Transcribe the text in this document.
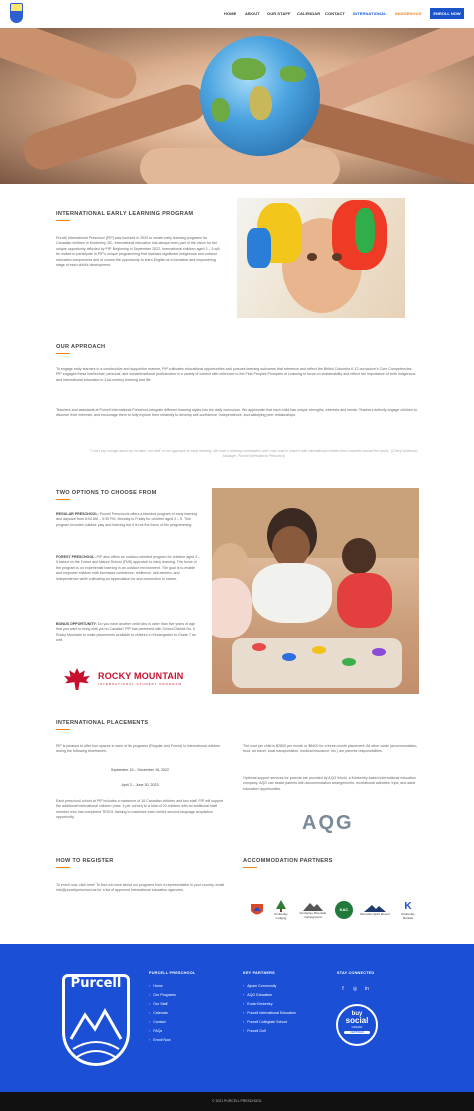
HOME ABOUT OUR STAFF CALENDAR CONTACT INTERNATIONAL INDIGENOUS	ENROLL NOW
INTERNATIONAL EARLY LEARNING PROGRAM
Purcell International Preschool (PIP) was founded in 2020 to create early learning programs for Canadian children in Kimberley, BC. International education has always been part of the vision for the unique opportunity afforded by PIP. Beginning in September 2022, International children aged 3 – 5 will be invited to participate in PIP's unique programming that includes significant Indigenous and outdoor education components and of course the opportunity to learn English at a formative and empowering stage of each child's development.
OUR APPROACH
To engage early learners in a constructive and supportive manner, PIP cultivates educational opportunities and pursues learning outcomes that reference and reflect the British Columbia K-12 curriculum's Core Competencies. PIP engages these Intellectual, personal, and social/emotional proficiencies in a variety of context with reference to the First Peoples Principles of Learning to focus on sustainability and reflect the importance of both Indigenous and International education to 21st-century learning and life.
Teachers and assistants at Purcell International Preschool integrate different learning styles into the daily curriculum. We appreciate that each child has unique strengths, interests and needs. Teachers actively engage children to discover their interests, and encourage them to fully explore their creativity to develop self-confidence, independence, and satisfying peer relationships.
"I can't say enough about our location, our staff, or our approach to early learning. We have a winning combination and I can't wait to share it with international children from countries around the world." (Cheryl Anderson, Manager, Purcell International Preschool)
TWO OPTIONS TO CHOOSE FROM
REGULAR PRESCHOOL: Purcell Preschools offers a blended program of early learning and daycare from 8:00 AM – 5:30 PM, Monday to Friday for children aged 3 – 5. This program includes outdoor play and learning but it is not the focus of the programming.
FOREST PRESCHOOL: PIP also offers an outdoor-oriented program for children aged 3 – 5 based on the Forest and Nature School (FNS) approach to early learning. The focus of the program is on experiential learning in an outdoor environment. The goal is to enable and empower children with increased confidence, resilience, self-esteem, and independence while cultivating an appreciation for and connection to nature.
BONUS OPPORTUNITY: Do you have another child who is older than five years of age that you want to bring with you to Canada? PIP has partnered with School District No. 6 Rocky Mountain to make placements available to children in Kindergarten to Grade 7 as well.
ROCKY MOUNTAIN
INTERNATIONAL STUDENT PROGRAM
INTERNATIONAL PLACEMENTS
PIP is pleased to offer four spaces in each of its programs (Regular and Forest) to international children during the following timeframes:
September 19 – December 16, 2022
April 3 – June 30, 2023
Each preschool cohort at PIP includes a maximum of 16 Canadian children and two staff. PIP will support the additional international children (max. 4 per cohort) to a total of 20 children with an additional staff member who has completed TESOL training to maximize each child's second-language acquisition opportunity.
The cost per child is $2800 per month or $8400 for a three-month placement. All other costs (accommodation, food, air travel, local transportation, medical insurance, etc.) are parents responsibilities.
Optional support services for parents are provided by AQG World, a Kimberley-based International education company. AQG can assist parents with accommodation arrangements, recreational activities, trips, and adult education opportunities.
AQG
HOW TO REGISTER
To enroll now, click here! To find out more about our programs from a representative in your country, email info@purcellpreschool.ca for a list of approved International education agencies.
ACCOMMODATION PARTNERS
Kimberley Lodging
Kimberley Riverside Campground
KAC
Mountain Spirit Resort
K
Kimberley Rentals
Purcell
PURCELL PRESCHOOL
› Home
› Our Programs
› Our Staff
› Calendar
› Contact
› FAQs
› Enroll Now
KEY PARTNERS
› Ajcam Community
› AQG Education
› Enda Kimberley
› Purcell International Education
› Purcell Collegiate School
› Purcell Golf
STAY CONNECTED
f	◎	in
buy
social
CANADA
CERTIFIED
© 2021 PURCELL PRESCHOOL
